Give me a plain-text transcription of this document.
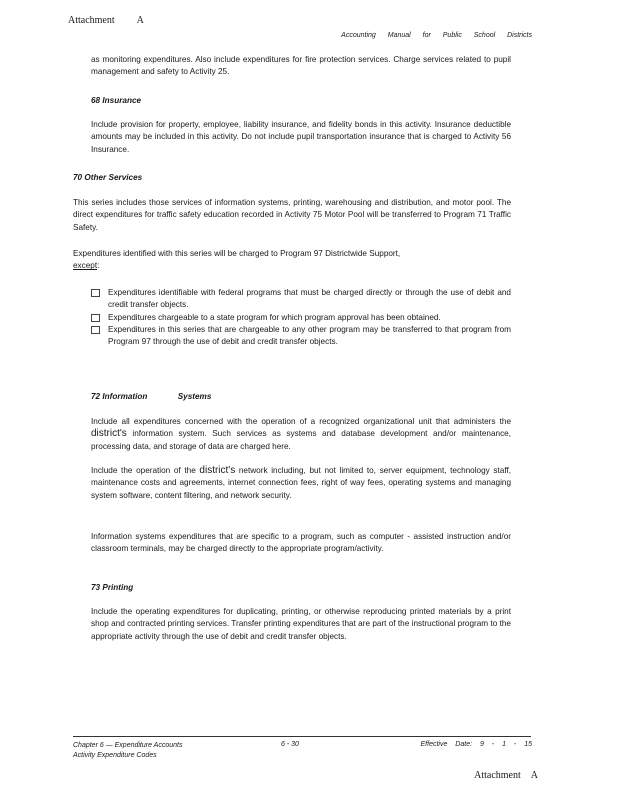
Attachment A
Accounting Manual for Public School Districts
as monitoring expenditures. Also include expenditures for fire protection services. Charge services related to pupil management and safety to Activity 25.
68 Insurance
Include provision for property, employee, liability insurance, and fidelity bonds in this activity. Insurance deductible amounts may be included in this activity. Do not include pupil transportation insurance that is charged to Activity 56 Insurance.
70 Other Services
This series includes those services of information systems, printing, warehousing and distribution, and motor pool. The direct expenditures for traffic safety education recorded in Activity 75 Motor Pool will be transferred to Program 71 Traffic Safety.
Expenditures identified with this series will be charged to Program 97 Districtwide Support,
except:
Expenditures identifiable with federal programs that must be charged directly or through the use of debit and credit transfer objects.
Expenditures chargeable to a state program for which program approval has been obtained.
Expenditures in this series that are chargeable to any other program may be transferred to that program from Program 97 through the use of debit and credit transfer objects.
72 Information	Systems
Include all expenditures concerned with the operation of a recognized organizational unit that administers the district's information system. Such services as systems and database development and/or maintenance, processing data, and storage of data are charged here.
Include the operation of the district's network including, but not limited to, server equipment, technology staff, maintenance costs and agreements, internet connection fees, right of way fees, operating systems and managing system software, content filtering, and network security.
Information systems expenditures that are specific to a program, such as computer - assisted instruction and/or classroom terminals, may be charged directly to the appropriate program/activity.
73 Printing
Include the operating expenditures for duplicating, printing, or otherwise reproducing printed materials by a print shop and contracted printing services. Transfer printing expenditures that are part of the instructional program to the appropriate activity through the use of debit and credit transfer objects.
Chapter 6 — Expenditure Accounts
Activity Expenditure Codes
6 - 30	Effective Date: 9 - 1 - 15
Attachment A
